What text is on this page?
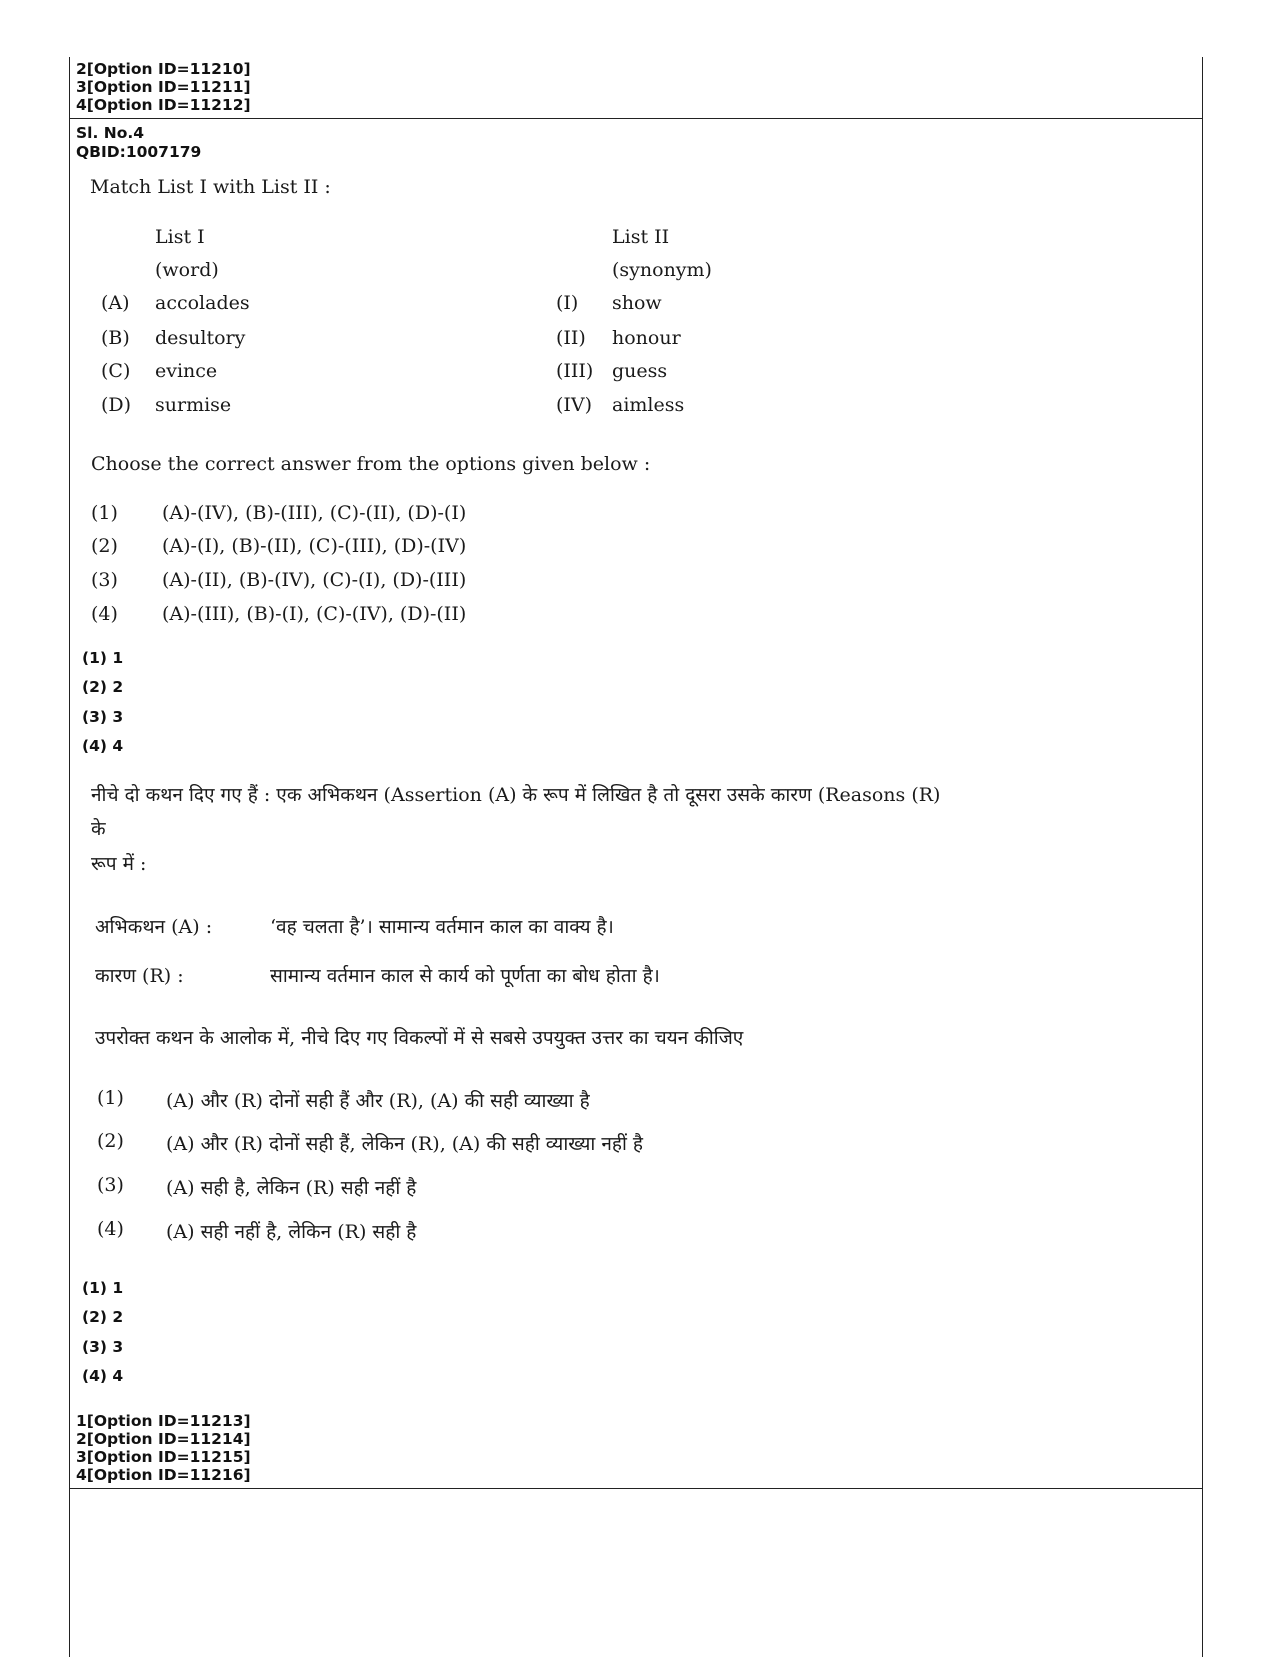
2[Option ID=11210]
3[Option ID=11211]
4[Option ID=11212]
Sl. No.4
QBID:1007179
Match List I with List II :
List I	List II
(word)	(synonym)
(A) accolades	(I) show
(B) desultory	(II) honour
(C) evince	(III) guess
(D) surmise	(IV) aimless
Choose the correct answer from the options given below :
(1) (A)-(IV), (B)-(III), (C)-(II), (D)-(I)
(2) (A)-(I), (B)-(II), (C)-(III), (D)-(IV)
(3) (A)-(II), (B)-(IV), (C)-(I), (D)-(III)
(4) (A)-(III), (B)-(I), (C)-(IV), (D)-(II)
(1) 1
(2) 2
(3) 3
(4) 4
नीचे दो कथन दिए गए हैं : एक अभिकथन (Assertion (A) के रूप में लिखित है तो दूसरा उसके कारण (Reasons (R)
के
रूप में :
अभिकथन (A) :	‘वह चलता है’। सामान्य वर्तमान काल का वाक्य है।
कारण (R) :	सामान्य वर्तमान काल से कार्य को पूर्णता का बोध होता है।
उपरोक्त कथन के आलोक में, नीचे दिए गए विकल्पों में से सबसे उपयुक्त उत्तर का चयन कीजिए
(1) (A) और (R) दोनों सही हैं और (R), (A) की सही व्याख्या है
(2) (A) और (R) दोनों सही हैं, लेकिन (R), (A) की सही व्याख्या नहीं है
(3) (A) सही है, लेकिन (R) सही नहीं है
(4) (A) सही नहीं है, लेकिन (R) सही है
(1) 1
(2) 2
(3) 3
(4) 4
1[Option ID=11213]
2[Option ID=11214]
3[Option ID=11215]
4[Option ID=11216]
